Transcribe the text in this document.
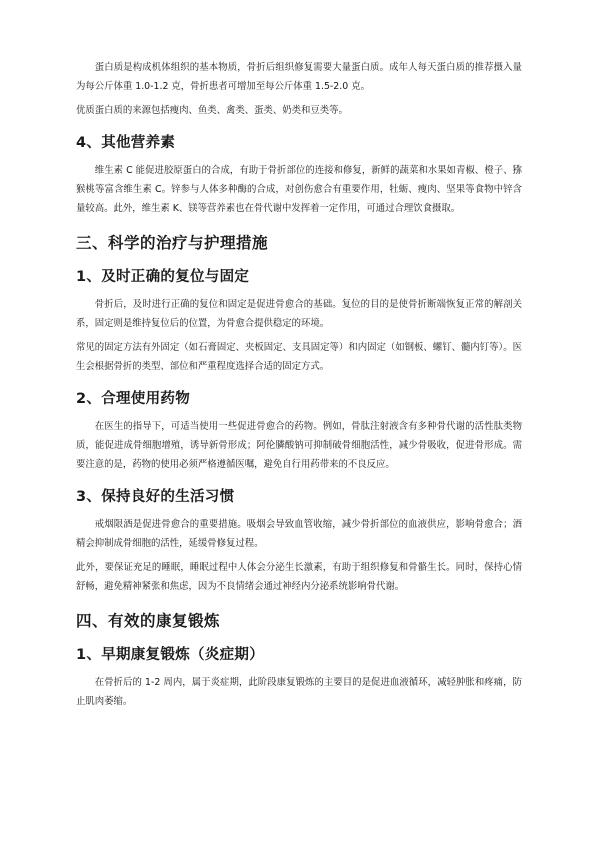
蛋白质是构成机体组织的基本物质，骨折后组织修复需要大量蛋白质。成年人每天蛋白质的推荐摄入量为每公斤体重 1.0-1.2 克，骨折患者可增加至每公斤体重 1.5-2.0 克。

优质蛋白质的来源包括瘦肉、鱼类、禽类、蛋类、奶类和豆类等。

4、其他营养素

维生素 C 能促进胶原蛋白的合成，有助于骨折部位的连接和修复，新鲜的蔬菜和水果如青椒、橙子、猕猴桃等富含维生素 C。锌参与人体多种酶的合成，对创伤愈合有重要作用，牡蛎、瘦肉、坚果等食物中锌含量较高。此外，维生素 K、镁等营养素也在骨代谢中发挥着一定作用，可通过合理饮食摄取。

三、科学的治疗与护理措施
1、及时正确的复位与固定

骨折后，及时进行正确的复位和固定是促进骨愈合的基础。复位的目的是使骨折断端恢复正常的解剖关系，固定则是维持复位后的位置，为骨愈合提供稳定的环境。

常见的固定方法有外固定（如石膏固定、夹板固定、支具固定等）和内固定（如钢板、螺钉、髓内钉等）。医生会根据骨折的类型、部位和严重程度选择合适的固定方式。

2、合理使用药物

在医生的指导下，可适当使用一些促进骨愈合的药物。例如，骨肽注射液含有多种骨代谢的活性肽类物质，能促进成骨细胞增殖，诱导新骨形成；阿伦膦酸钠可抑制破骨细胞活性，减少骨吸收，促进骨形成。需要注意的是，药物的使用必须严格遵循医嘱，避免自行用药带来的不良反应。

3、保持良好的生活习惯

戒烟限酒是促进骨愈合的重要措施。吸烟会导致血管收缩，减少骨折部位的血液供应，影响骨愈合；酒精会抑制成骨细胞的活性，延缓骨修复过程。

此外，要保证充足的睡眠，睡眠过程中人体会分泌生长激素，有助于组织修复和骨骼生长。同时，保持心情舒畅，避免精神紧张和焦虑，因为不良情绪会通过神经内分泌系统影响骨代谢。

四、有效的康复锻炼
1、早期康复锻炼（炎症期）

在骨折后的 1-2 周内，属于炎症期，此阶段康复锻炼的主要目的是促进血液循环，减轻肿胀和疼痛，防止肌肉萎缩。
